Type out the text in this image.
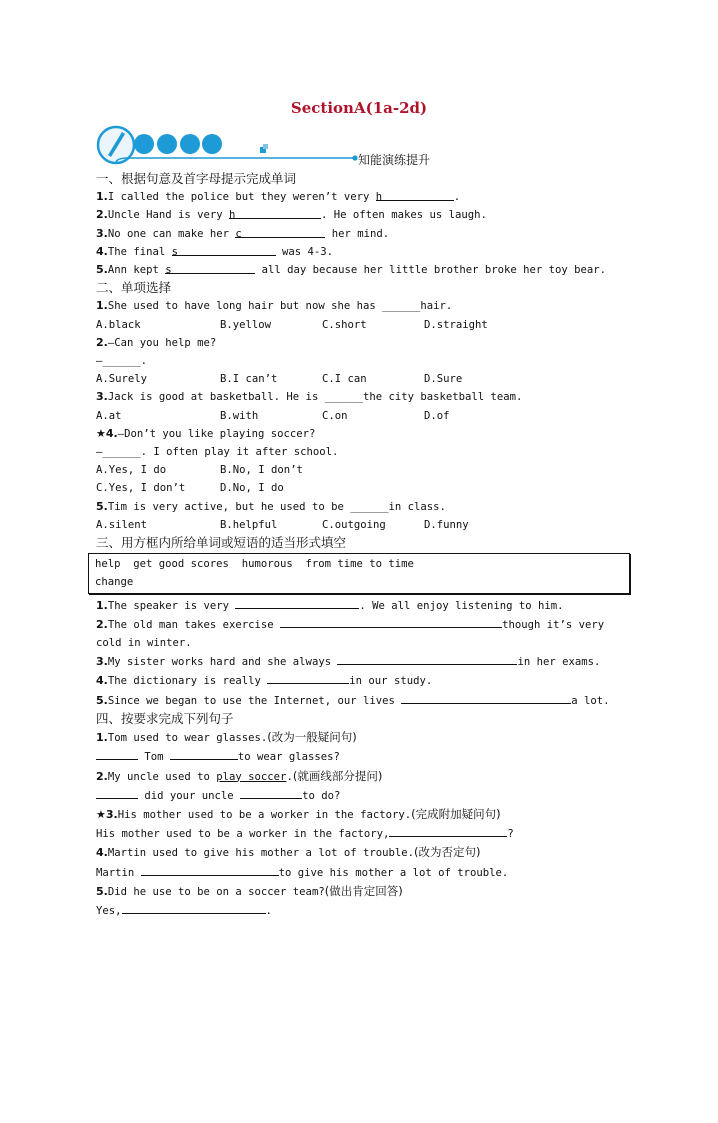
SectionA(1a-2d)
知能演练提升
一、根据句意及首字母提示完成单词
1.I called the police but they weren’t very h	.
2.Uncle Hand is very h	. He often makes us laugh.
3.No one can make her c	her mind.
4.The final s	was 4-3.
5.Ann kept s	all day because her little brother broke her toy bear.
二、单项选择
1.She used to have long hair but now she has ______hair.
A.black	B.yellow	C.short	D.straight
2.—Can you help me?
—______.
A.Surely	B.I can’t	C.I can	D.Sure
3.Jack is good at basketball. He is ______the city basketball team.
A.at	B.with	C.on	D.of
★4.—Don’t you like playing soccer?
—______. I often play it after school.
A.Yes, I do	B.No, I don’t
C.Yes, I don’t	D.No, I do
5.Tim is very active, but he used to be ______in class.
A.silent	B.helpful	C.outgoing	D.funny
三、用方框内所给单词或短语的适当形式填空
help  get good scores  humorous  from time to time
change
1.The speaker is very	. We all enjoy listening to him.
2.The old man takes exercise	though it’s very cold in winter.
3.My sister works hard and she always	in her exams.
4.The dictionary is really	in our study.
5.Since we began to use the Internet, our lives	a lot.
四、按要求完成下列句子
1.Tom used to wear glasses.(改为一般疑问句)
Tom	to wear glasses?
2.My uncle used to play soccer.(就画线部分提问)
did your uncle	to do?
★3.His mother used to be a worker in the factory.(完成附加疑问句)
His mother used to be a worker in the factory,	?
4.Martin used to give his mother a lot of trouble.(改为否定句)
Martin	to give his mother a lot of trouble.
5.Did he use to be on a soccer team?(做出肯定回答)
Yes,	.
